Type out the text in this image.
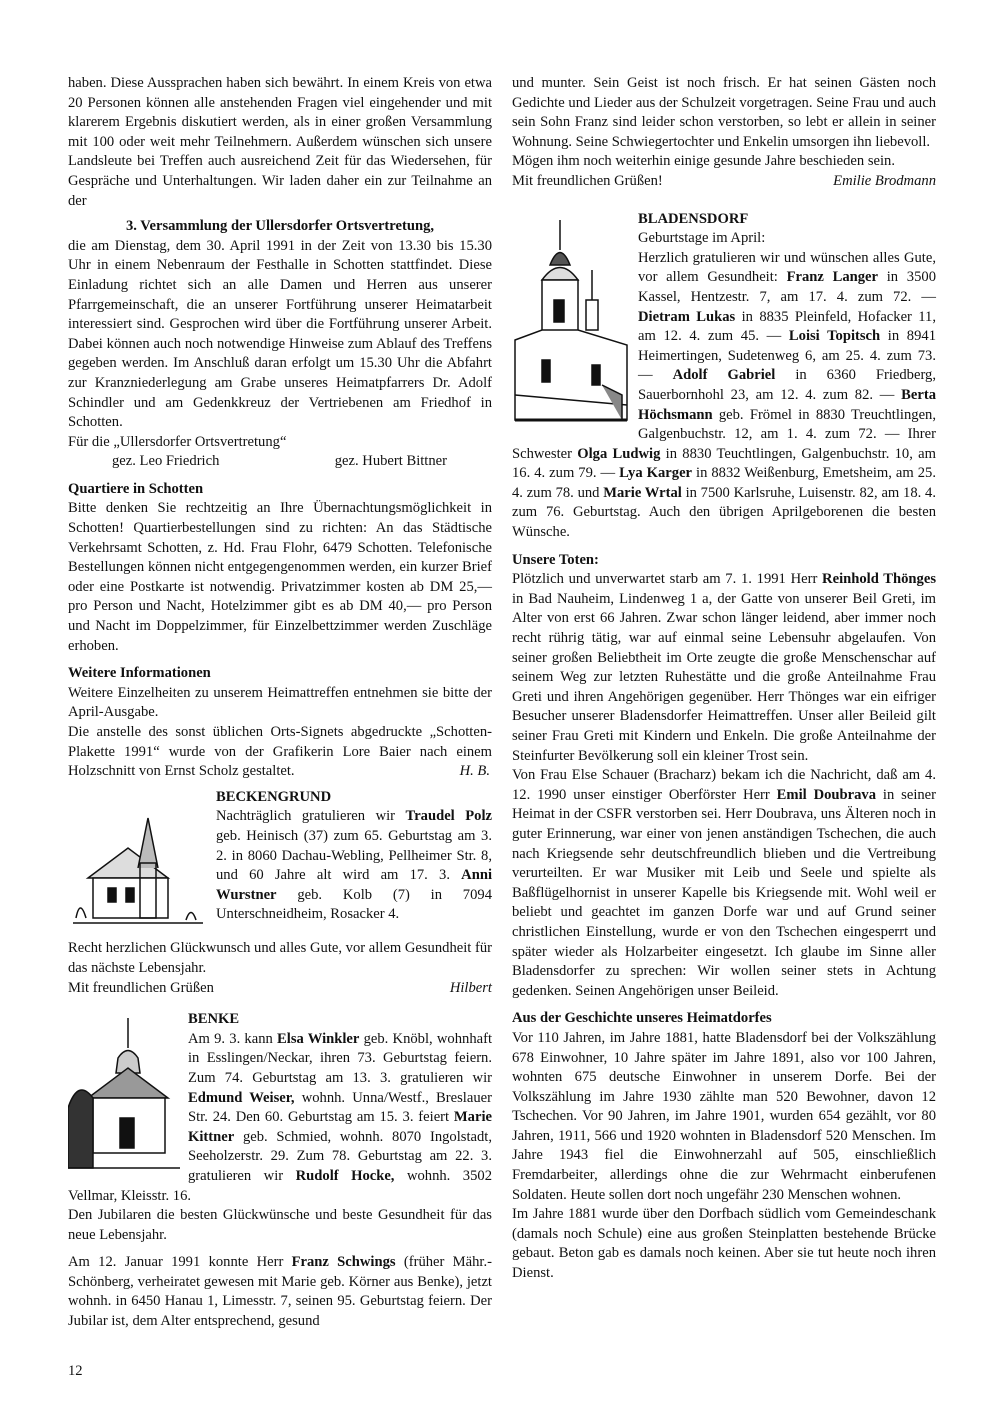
haben. Diese Aussprachen haben sich bewährt. In einem Kreis von etwa 20 Personen können alle anstehenden Fragen viel eingehender und mit klarerem Ergebnis diskutiert werden, als in einer großen Versammlung mit 100 oder weit mehr Teilnehmern. Außerdem wünschen sich unsere Landsleute bei Treffen auch ausreichend Zeit für das Wiedersehen, für Gespräche und Unterhaltungen. Wir laden daher ein zur Teilnahme an der

3. Versammlung der Ullersdorfer Ortsvertretung,

die am Dienstag, dem 30. April 1991 in der Zeit von 13.30 bis 15.30 Uhr in einem Nebenraum der Festhalle in Schotten stattfindet. Diese Einladung richtet sich an alle Damen und Herren aus unserer Pfarrgemeinschaft, die an unserer Fortführung unserer Heimatarbeit interessiert sind. Gesprochen wird über die Fortführung unserer Arbeit. Dabei können auch noch notwendige Hinweise zum Ablauf des Treffens gegeben werden. Im Anschluß daran erfolgt um 15.30 Uhr die Abfahrt zur Kranzniederlegung am Grabe unseres Heimatpfarrers Dr. Adolf Schindler und am Gedenkkreuz der Vertriebenen am Friedhof in Schotten.

Für die „Ullersdorfer Ortsvertretung“

gez. Leo Friedrich	gez. Hubert Bittner
Quartiere in Schotten

Bitte denken Sie rechtzeitig an Ihre Übernachtungsmöglichkeit in Schotten! Quartierbestellungen sind zu richten: An das Städtische Verkehrsamt Schotten, z. Hd. Frau Flohr, 6479 Schotten. Telefonische Bestellungen können nicht entgegengenommen werden, ein kurzer Brief oder eine Postkarte ist notwendig. Privatzimmer kosten ab DM 25,— pro Person und Nacht, Hotelzimmer gibt es ab DM 40,— pro Person und Nacht im Doppelzimmer, für Einzelbettzimmer werden Zuschläge erhoben.

Weitere Informationen

Weitere Einzelheiten zu unserem Heimattreffen entnehmen sie bitte der April-Ausgabe.

Die anstelle des sonst üblichen Orts-Signets abgedruckte „Schotten-Plakette 1991“ wurde von der Grafikerin Lore Baier nach einem Holzschnitt von Ernst Scholz gestaltet.	H. B.

BECKENGRUND

Nachträglich gratulieren wir Traudel Polz geb. Heinisch (37) zum 65. Geburtstag am 3. 2. in 8060 Dachau-Webling, Pellheimer Str. 8, und 60 Jahre alt wird am 17. 3. Anni Wurstner geb. Kolb (7) in 7094 Unterschneidheim, Rosacker 4.

Recht herzlichen Glückwunsch und alles Gute, vor allem Gesundheit für das nächste Lebensjahr.

Mit freundlichen Grüßen	Hilbert
BENKE

Am 9. 3. kann Elsa Winkler geb. Knöbl, wohnhaft in Esslingen/Neckar, ihren 73. Geburtstag feiern. Zum 74. Geburtstag am 13. 3. gratulieren wir Edmund Weiser, wohnh. Unna/Westf., Breslauer Str. 24. Den 60. Geburtstag am 15. 3. feiert Marie Kittner geb. Schmied, wohnh. 8070 Ingolstadt, Seeholzerstr. 29. Zum 78. Geburtstag am 22. 3. gratulieren wir Rudolf Hocke, wohnh. 3502 Vellmar, Kleisstr. 16.

Den Jubilaren die besten Glückwünsche und beste Gesundheit für das neue Lebensjahr.

Am 12. Januar 1991 konnte Herr Franz Schwings (früher Mähr.-Schönberg, verheiratet gewesen mit Marie geb. Körner aus Benke), jetzt wohnh. in 6450 Hanau 1, Limesstr. 7, seinen 95. Geburtstag feiern. Der Jubilar ist, dem Alter entsprechend, gesund

und munter. Sein Geist ist noch frisch. Er hat seinen Gästen noch Gedichte und Lieder aus der Schulzeit vorgetragen. Seine Frau und auch sein Sohn Franz sind leider schon verstorben, so lebt er allein in seiner Wohnung. Seine Schwiegertochter und Enkelin umsorgen ihn liebevoll.

Mögen ihm noch weiterhin einige gesunde Jahre beschieden sein.

Mit freundlichen Grüßen!	Emilie Brodmann
BLADENSDORF

Geburtstage im April:

Herzlich gratulieren wir und wünschen alles Gute, vor allem Gesundheit: Franz Langer in 3500 Kassel, Hentzestr. 7, am 17. 4. zum 72. — Dietram Lukas in 8835 Pleinfeld, Hofacker 11, am 12. 4. zum 45. — Loisi Topitsch in 8941 Heimertingen, Sudetenweg 6, am 25. 4. zum 73. — Adolf Gabriel in 6360 Friedberg, Sauerbornhohl 23, am 12. 4. zum 82. — Berta Höchsmann geb. Frömel in 8830 Treuchtlingen, Galgenbuchstr. 12, am 1. 4. zum 72. — Ihrer Schwester Olga Ludwig in 8830 Teuchtlingen, Galgenbuchstr. 10, am 16. 4. zum 79. — Lya Karger in 8832 Weißenburg, Emetsheim, am 25. 4. zum 78. und Marie Wrtal in 7500 Karlsruhe, Luisenstr. 82, am 18. 4. zum 76. Geburtstag. Auch den übrigen Aprilgeborenen die besten Wünsche.

Unsere Toten:

Plötzlich und unverwartet starb am 7. 1. 1991 Herr Reinhold Thönges in Bad Nauheim, Lindenweg 1 a, der Gatte von unserer Beil Greti, im Alter von erst 66 Jahren. Zwar schon länger leidend, aber immer noch recht rührig tätig, war auf einmal seine Lebensuhr abgelaufen. Von seiner großen Beliebtheit im Orte zeugte die große Menschenschar auf seinem Weg zur letzten Ruhestätte und die große Anteilnahme Frau Greti und ihren Angehörigen gegenüber. Herr Thönges war ein eifriger Besucher unserer Bladensdorfer Heimattreffen. Unser aller Beileid gilt seiner Frau Greti mit Kindern und Enkeln. Die große Anteilnahme der Steinfurter Bevölkerung soll ein kleiner Trost sein.

Von Frau Else Schauer (Bracharz) bekam ich die Nachricht, daß am 4. 12. 1990 unser einstiger Oberförster Herr Emil Doubrava in seiner Heimat in der CSFR verstorben sei. Herr Doubrava, uns Älteren noch in guter Erinnerung, war einer von jenen anständigen Tschechen, die auch nach Kriegsende sehr deutschfreundlich blieben und die Vertreibung verurteilten. Er war Musiker mit Leib und Seele und spielte als Baßflügelhornist in unserer Kapelle bis Kriegsende mit. Wohl weil er beliebt und geachtet im ganzen Dorfe war und auf Grund seiner christlichen Einstellung, wurde er von den Tschechen eingesperrt und später wieder als Holzarbeiter eingesetzt. Ich glaube im Sinne aller Bladensdorfer zu sprechen: Wir wollen seiner stets in Achtung gedenken. Seinen Angehörigen unser Beileid.

Aus der Geschichte unseres Heimatdorfes

Vor 110 Jahren, im Jahre 1881, hatte Bladensdorf bei der Volkszählung 678 Einwohner, 10 Jahre später im Jahre 1891, also vor 100 Jahren, wohnten 675 deutsche Einwohner in unserem Dorfe. Bei der Volkszählung im Jahre 1930 zählte man 520 Bewohner, davon 12 Tschechen. Vor 90 Jahren, im Jahre 1901, wurden 654 gezählt, vor 80 Jahren, 1911, 566 und 1920 wohnten in Bladensdorf 520 Menschen. Im Jahre 1943 fiel die Einwohnerzahl auf 505, einschließlich Fremdarbeiter, allerdings ohne die zur Wehrmacht einberufenen Soldaten. Heute sollen dort noch ungefähr 230 Menschen wohnen.

Im Jahre 1881 wurde über den Dorfbach südlich vom Gemeindeschank (damals noch Schule) eine aus großen Steinplatten bestehende Brücke gebaut. Beton gab es damals noch keinen. Aber sie tut heute noch ihren Dienst.

12
